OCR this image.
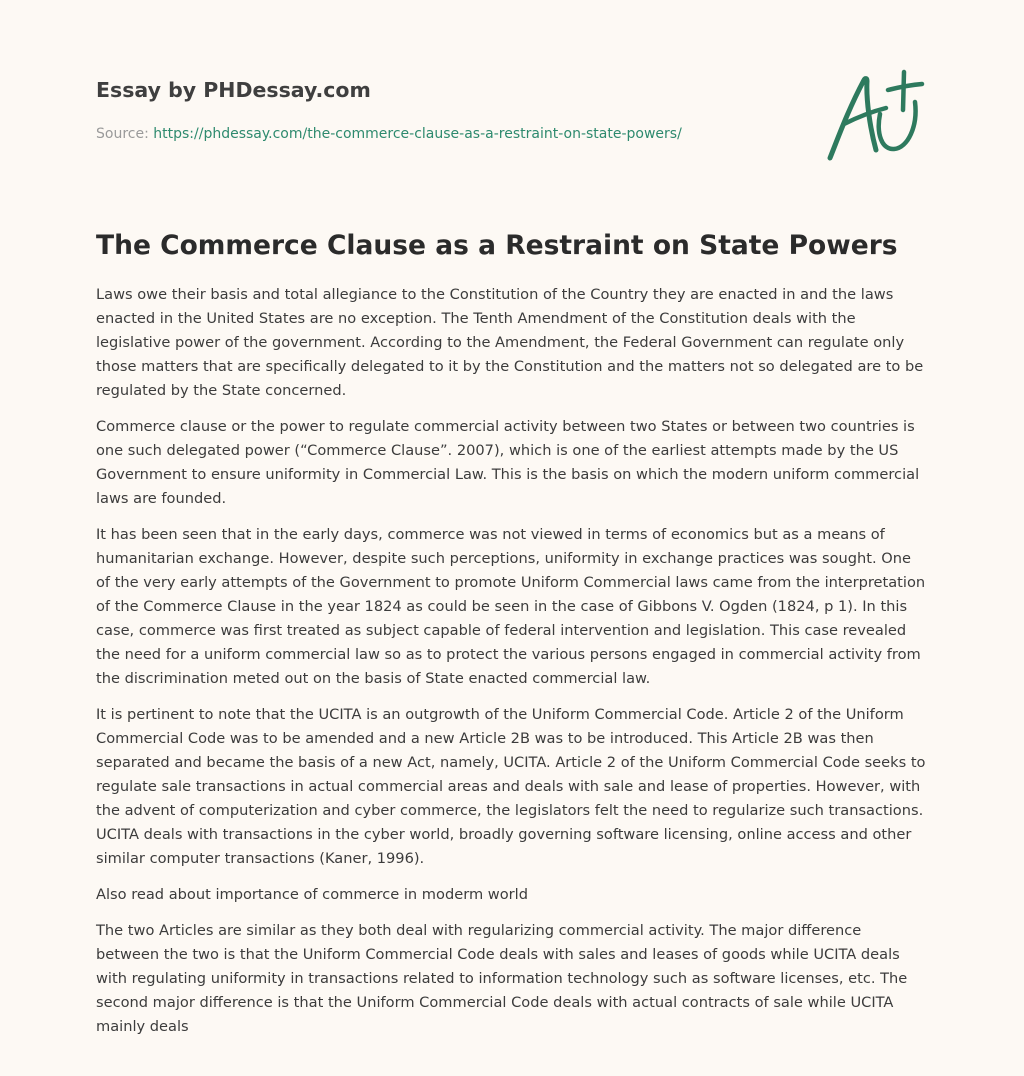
Essay by PHDessay.com
Source: https://phdessay.com/the-commerce-clause-as-a-restraint-on-state-powers/
The Commerce Clause as a Restraint on State Powers

Laws owe their basis and total allegiance to the Constitution of the Country they are enacted in and the laws enacted in the United States are no exception. The Tenth Amendment of the Constitution deals with the legislative power of the government. According to the Amendment, the Federal Government can regulate only those matters that are specifically delegated to it by the Constitution and the matters not so delegated are to be regulated by the State concerned.

Commerce clause or the power to regulate commercial activity between two States or between two countries is one such delegated power (“Commerce Clause”. 2007), which is one of the earliest attempts made by the US Government to ensure uniformity in Commercial Law. This is the basis on which the modern uniform commercial laws are founded.

It has been seen that in the early days, commerce was not viewed in terms of economics but as a means of humanitarian exchange. However, despite such perceptions, uniformity in exchange practices was sought. One of the very early attempts of the Government to promote Uniform Commercial laws came from the interpretation of the Commerce Clause in the year 1824 as could be seen in the case of Gibbons V. Ogden (1824, p 1). In this case, commerce was first treated as subject capable of federal intervention and legislation. This case revealed the need for a uniform commercial law so as to protect the various persons engaged in commercial activity from the discrimination meted out on the basis of State enacted commercial law.

It is pertinent to note that the UCITA is an outgrowth of the Uniform Commercial Code. Article 2 of the Uniform Commercial Code was to be amended and a new Article 2B was to be introduced. This Article 2B was then separated and became the basis of a new Act, namely, UCITA. Article 2 of the Uniform Commercial Code seeks to regulate sale transactions in actual commercial areas and deals with sale and lease of properties. However, with the advent of computerization and cyber commerce, the legislators felt the need to regularize such transactions. UCITA deals with transactions in the cyber world, broadly governing software licensing, online access and other similar computer transactions (Kaner, 1996).

Also read about importance of commerce in moderm world

The two Articles are similar as they both deal with regularizing commercial activity. The major difference between the two is that the Uniform Commercial Code deals with sales and leases of goods while UCITA deals with regulating uniformity in transactions related to information technology such as software licenses, etc. The second major difference is that the Uniform Commercial Code deals with actual contracts of sale while UCITA mainly deals
